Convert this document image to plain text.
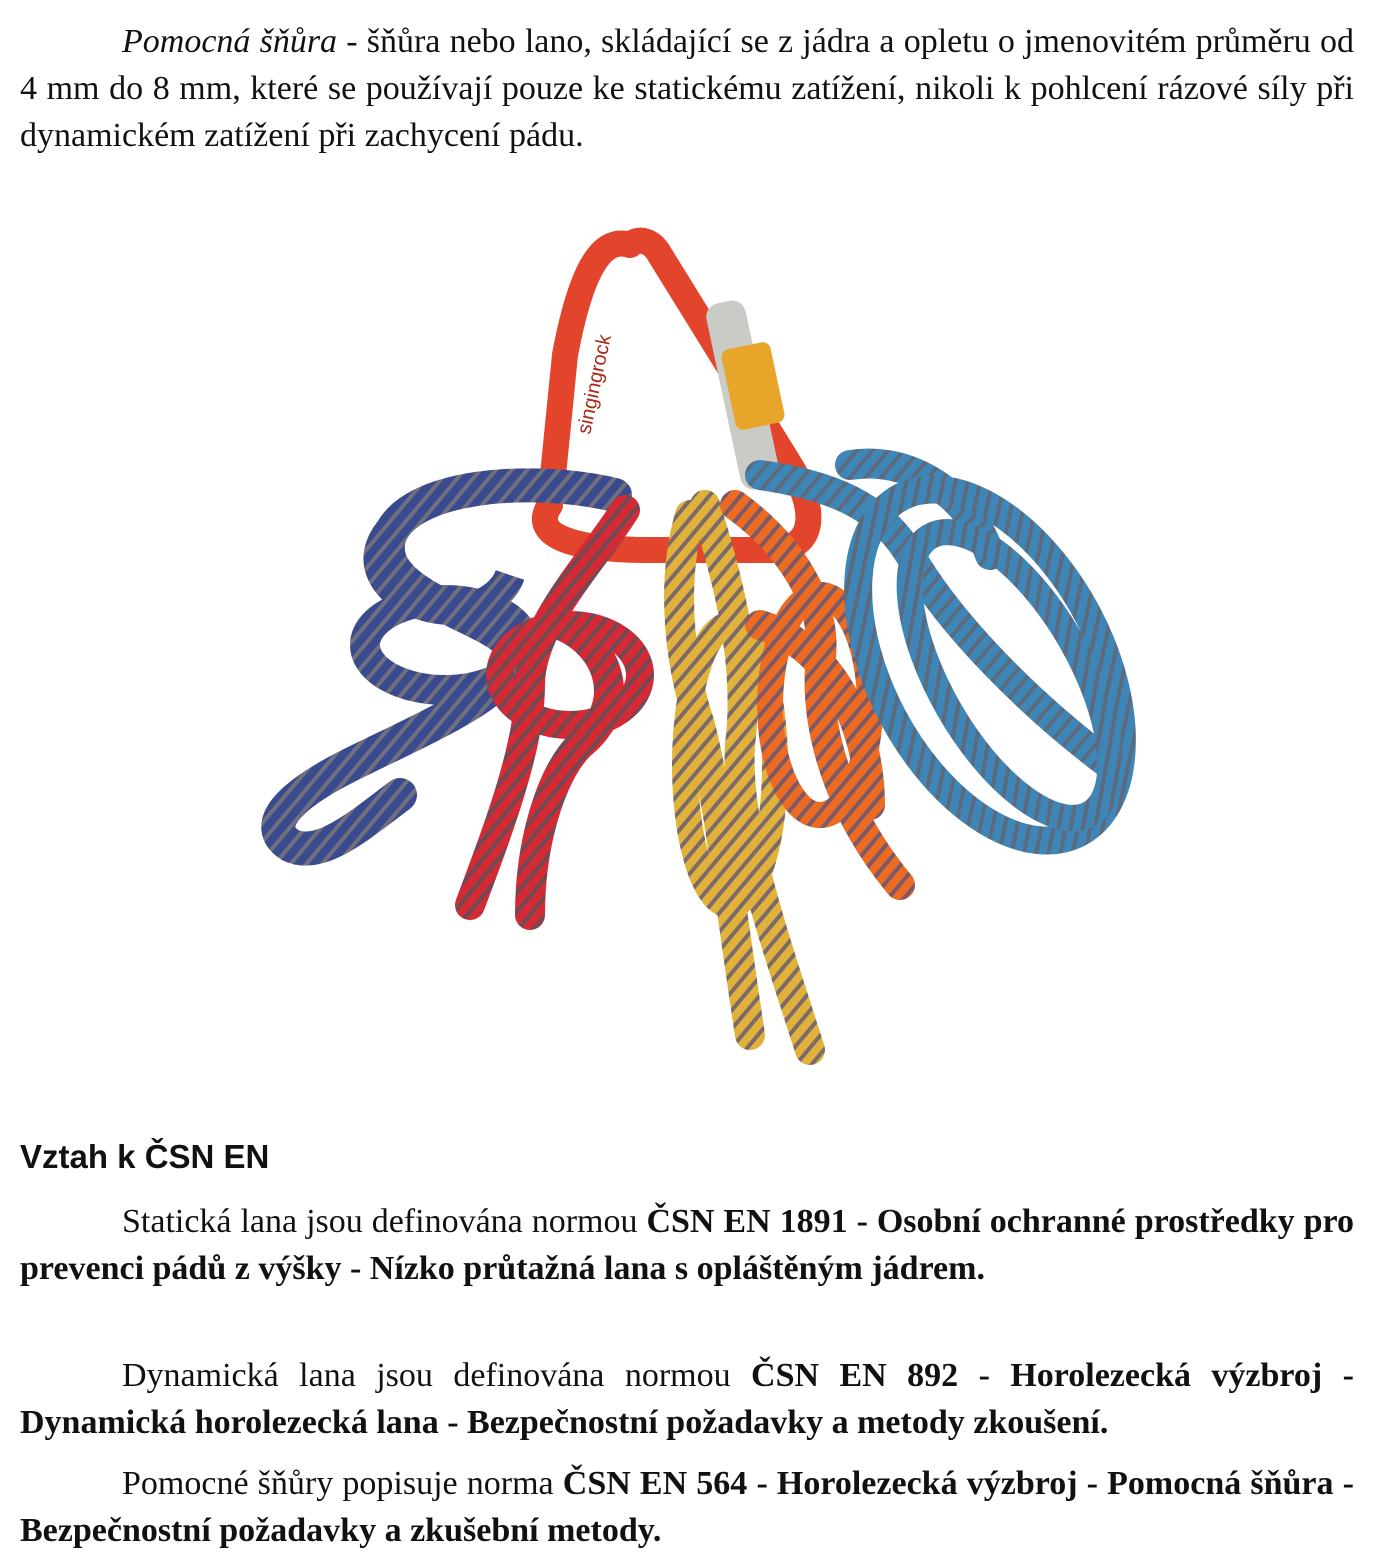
Pomocná šňůra - šňůra nebo lano, skládající se z jádra a opletu o jmenovitém průměru od 4 mm do 8 mm, které se používají pouze ke statickému zatížení, nikoli k pohlcení rázové síly při dynamickém zatížení při zachycení pádu.

singingrock
Vztah k ČSN EN

Statická lana jsou definována normou ČSN EN 1891 - Osobní ochranné prostředky pro prevenci pádů z výšky - Nízko průtažná lana s opláštěným jádrem.

Dynamická lana jsou definována normou ČSN EN 892 - Horolezecká výzbroj - Dynamická horolezecká lana - Bezpečnostní požadavky a metody zkoušení.

Pomocné šňůry popisuje norma ČSN EN 564 - Horolezecká výzbroj - Pomocná šňůra - Bezpečnostní požadavky a zkušební metody.
